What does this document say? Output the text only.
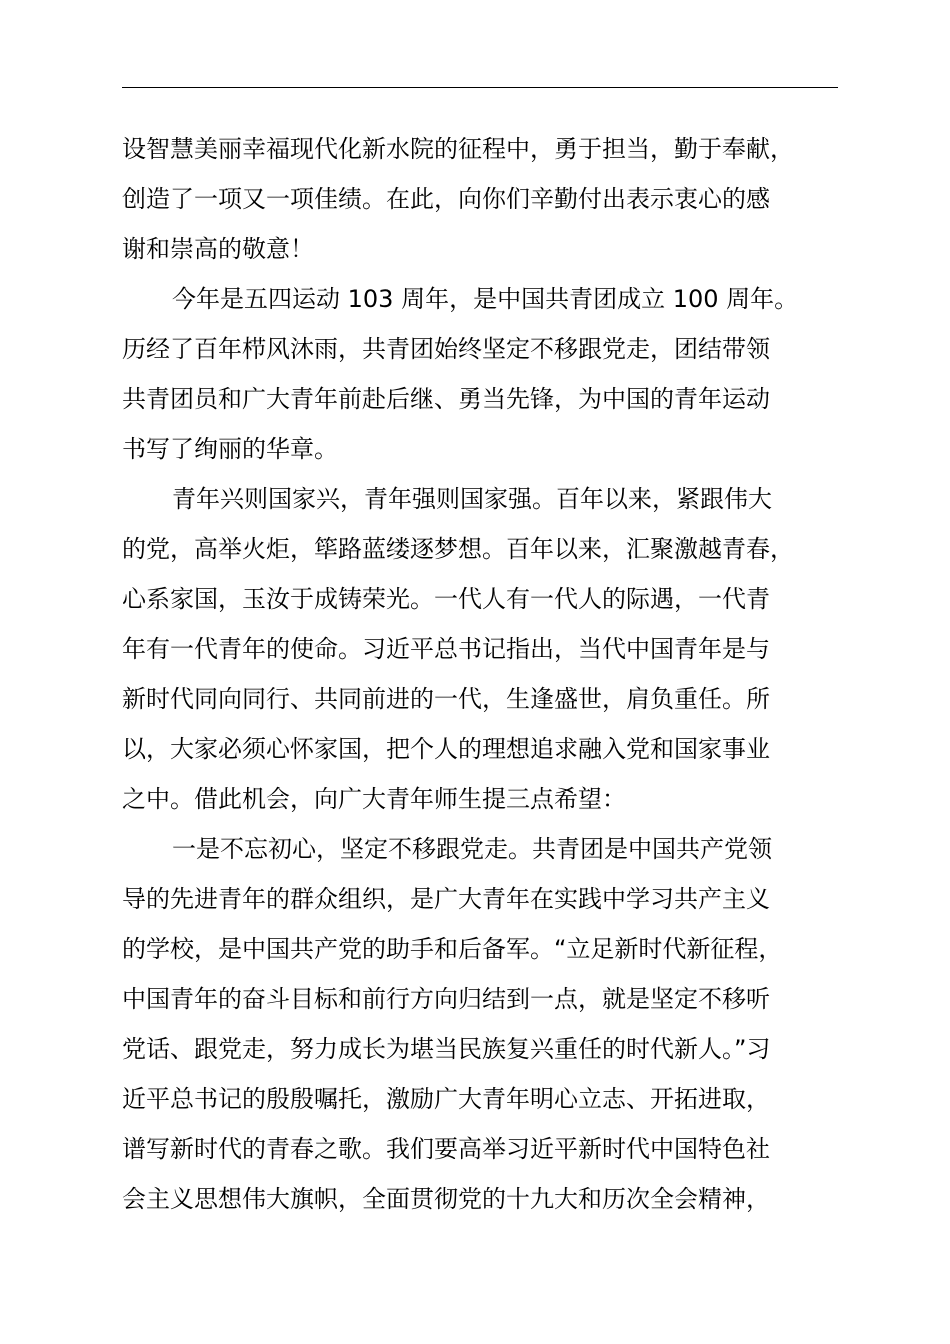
设智慧美丽幸福现代化新水院的征程中，勇于担当，勤于奉献，
创造了一项又一项佳绩。在此，向你们辛勤付出表示衷心的感
谢和崇高的敬意！
今年是五四运动 103 周年，是中国共青团成立 100 周年。
历经了百年栉风沐雨，共青团始终坚定不移跟党走，团结带领
共青团员和广大青年前赴后继、勇当先锋，为中国的青年运动
书写了绚丽的华章。
青年兴则国家兴，青年强则国家强。百年以来，紧跟伟大
的党，高举火炬，筚路蓝缕逐梦想。百年以来，汇聚激越青春，
心系家国，玉汝于成铸荣光。一代人有一代人的际遇，一代青
年有一代青年的使命。习近平总书记指出，当代中国青年是与
新时代同向同行、共同前进的一代，生逢盛世，肩负重任。所
以，大家必须心怀家国，把个人的理想追求融入党和国家事业
之中。借此机会，向广大青年师生提三点希望：
一是不忘初心，坚定不移跟党走。共青团是中国共产党领
导的先进青年的群众组织，是广大青年在实践中学习共产主义
的学校，是中国共产党的助手和后备军。“立足新时代新征程，
中国青年的奋斗目标和前行方向归结到一点，就是坚定不移听
党话、跟党走，努力成长为堪当民族复兴重任的时代新人。”习
近平总书记的殷殷嘱托，激励广大青年明心立志、开拓进取，
谱写新时代的青春之歌。我们要高举习近平新时代中国特色社
会主义思想伟大旗帜，全面贯彻党的十九大和历次全会精神，
